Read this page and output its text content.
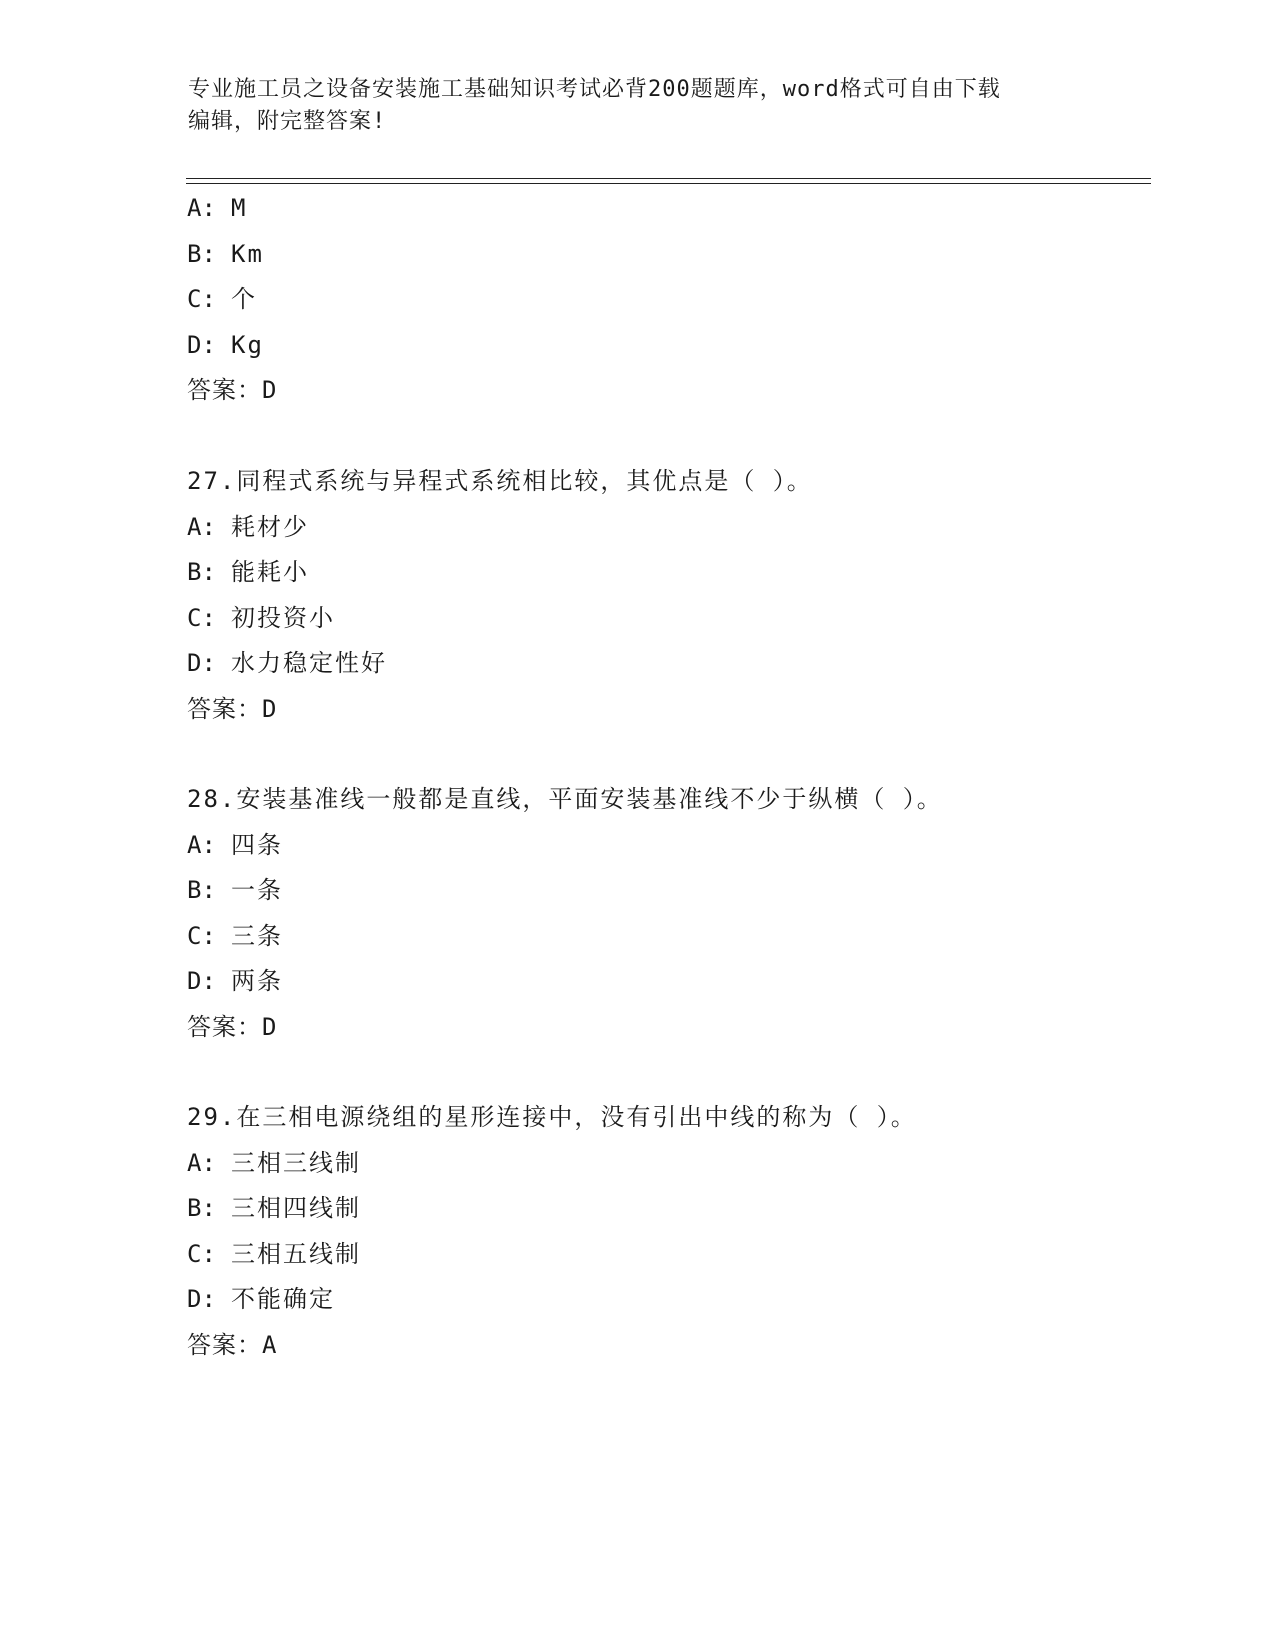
专业施工员之设备安装施工基础知识考试必背200题题库，word格式可自由下载
编辑，附完整答案!
A: M
B: Km
C: 个
D: Kg
答案：D
27.同程式系统与异程式系统相比较，其优点是（ ）。
A: 耗材少
B: 能耗小
C: 初投资小
D: 水力稳定性好
答案：D
28.安装基准线一般都是直线，平面安装基准线不少于纵横（ ）。
A: 四条
B: 一条
C: 三条
D: 两条
答案：D
29.在三相电源绕组的星形连接中，没有引出中线的称为（ ）。
A: 三相三线制
B: 三相四线制
C: 三相五线制
D: 不能确定
答案：A
